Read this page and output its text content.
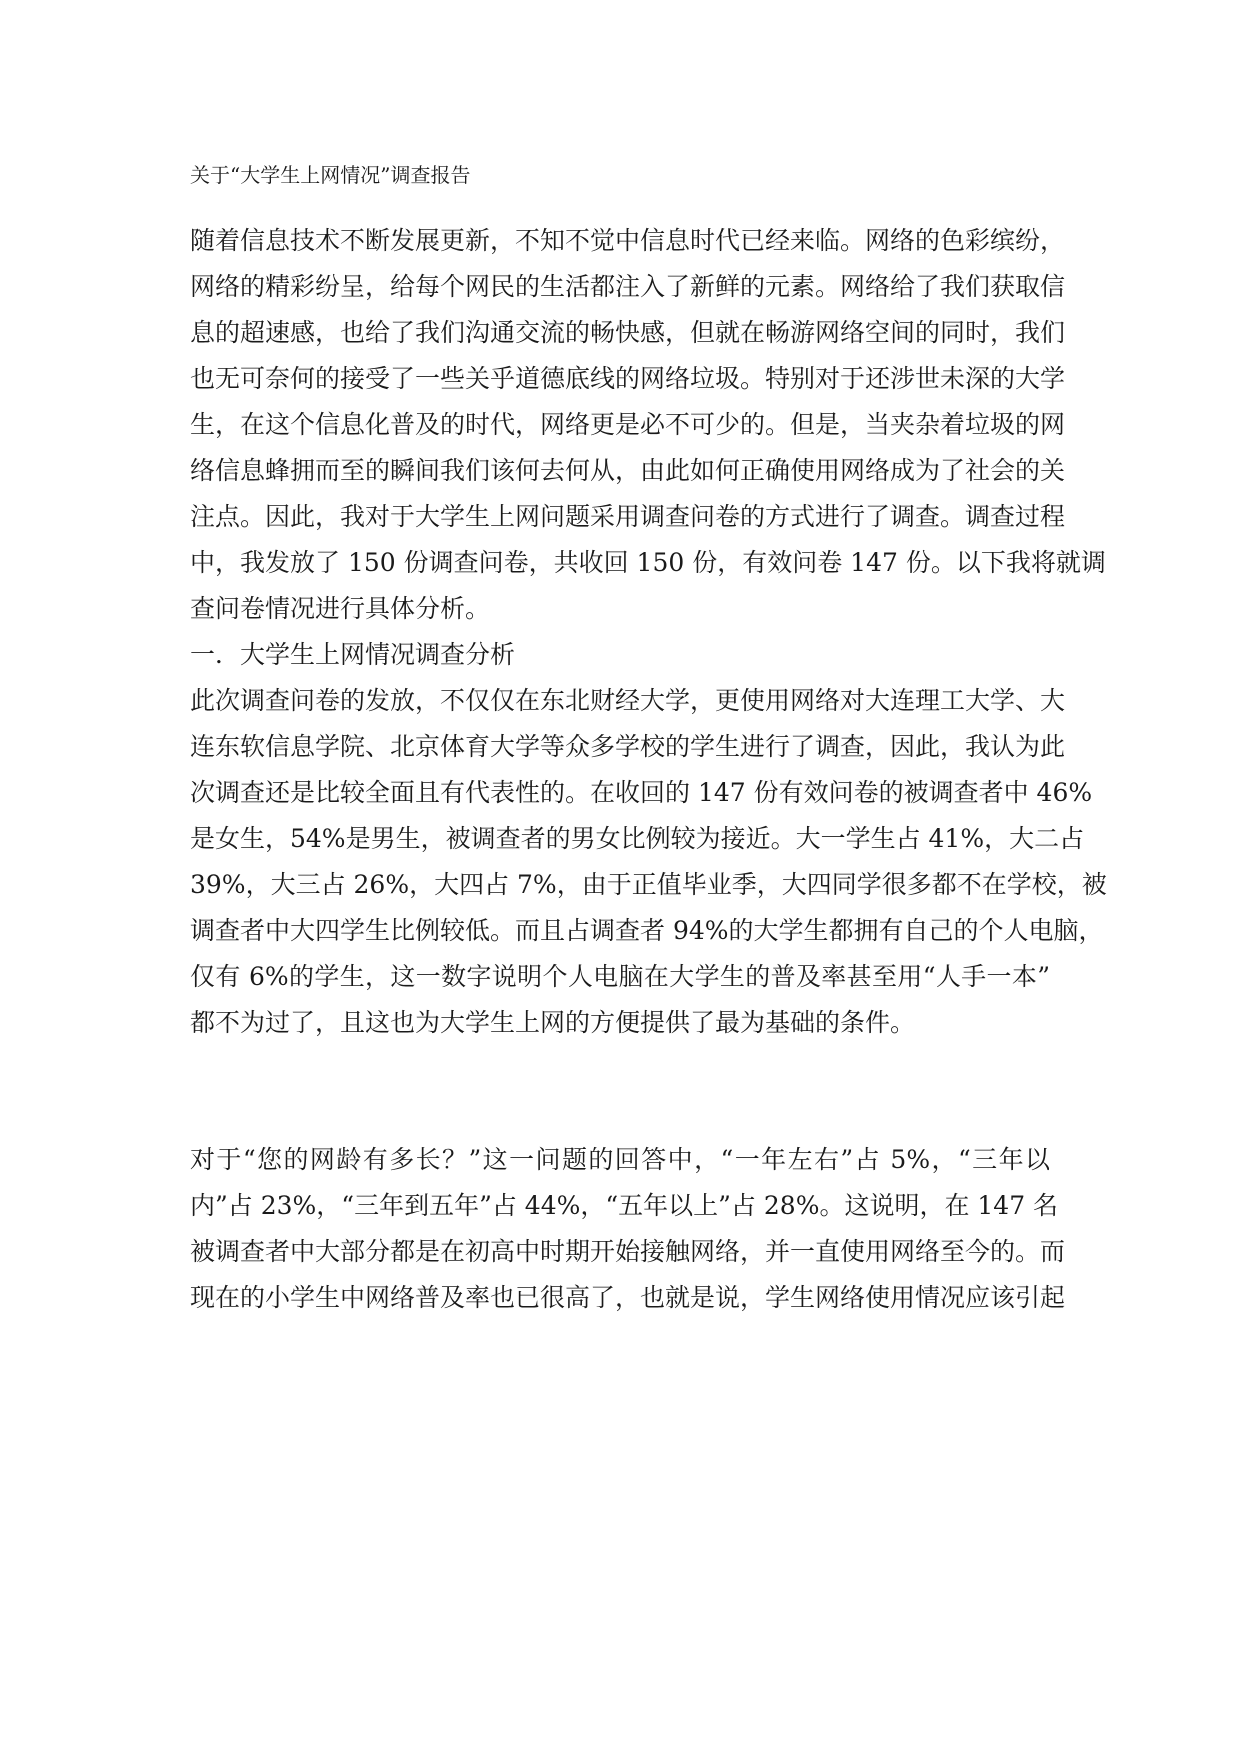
关于“大学生上网情况”调查报告
随着信息技术不断发展更新，不知不觉中信息时代已经来临。网络的色彩缤纷，
网络的精彩纷呈，给每个网民的生活都注入了新鲜的元素。网络给了我们获取信
息的超速感，也给了我们沟通交流的畅快感，但就在畅游网络空间的同时，我们
也无可奈何的接受了一些关乎道德底线的网络垃圾。特别对于还涉世未深的大学
生，在这个信息化普及的时代，网络更是必不可少的。但是，当夹杂着垃圾的网
络信息蜂拥而至的瞬间我们该何去何从，由此如何正确使用网络成为了社会的关
注点。因此，我对于大学生上网问题采用调查问卷的方式进行了调查。调查过程
中，我发放了 150 份调查问卷，共收回 150 份，有效问卷 147 份。以下我将就调
查问卷情况进行具体分析。
一．大学生上网情况调查分析
此次调查问卷的发放，不仅仅在东北财经大学，更使用网络对大连理工大学、大
连东软信息学院、北京体育大学等众多学校的学生进行了调查，因此，我认为此
次调查还是比较全面且有代表性的。在收回的 147 份有效问卷的被调查者中 46%
是女生，54%是男生，被调查者的男女比例较为接近。大一学生占 41%，大二占
39%，大三占 26%，大四占 7%，由于正值毕业季，大四同学很多都不在学校，被
调查者中大四学生比例较低。而且占调查者 94%的大学生都拥有自己的个人电脑，
仅有 6%的学生，这一数字说明个人电脑在大学生的普及率甚至用“人手一本”
都不为过了，且这也为大学生上网的方便提供了最为基础的条件。
对于“您的网龄有多长？”这一问题的回答中，“一年左右”占 5%，“三年以
内”占 23%，“三年到五年”占 44%，“五年以上”占 28%。这说明，在 147 名
被调查者中大部分都是在初高中时期开始接触网络，并一直使用网络至今的。而
现在的小学生中网络普及率也已很高了，也就是说，学生网络使用情况应该引起
